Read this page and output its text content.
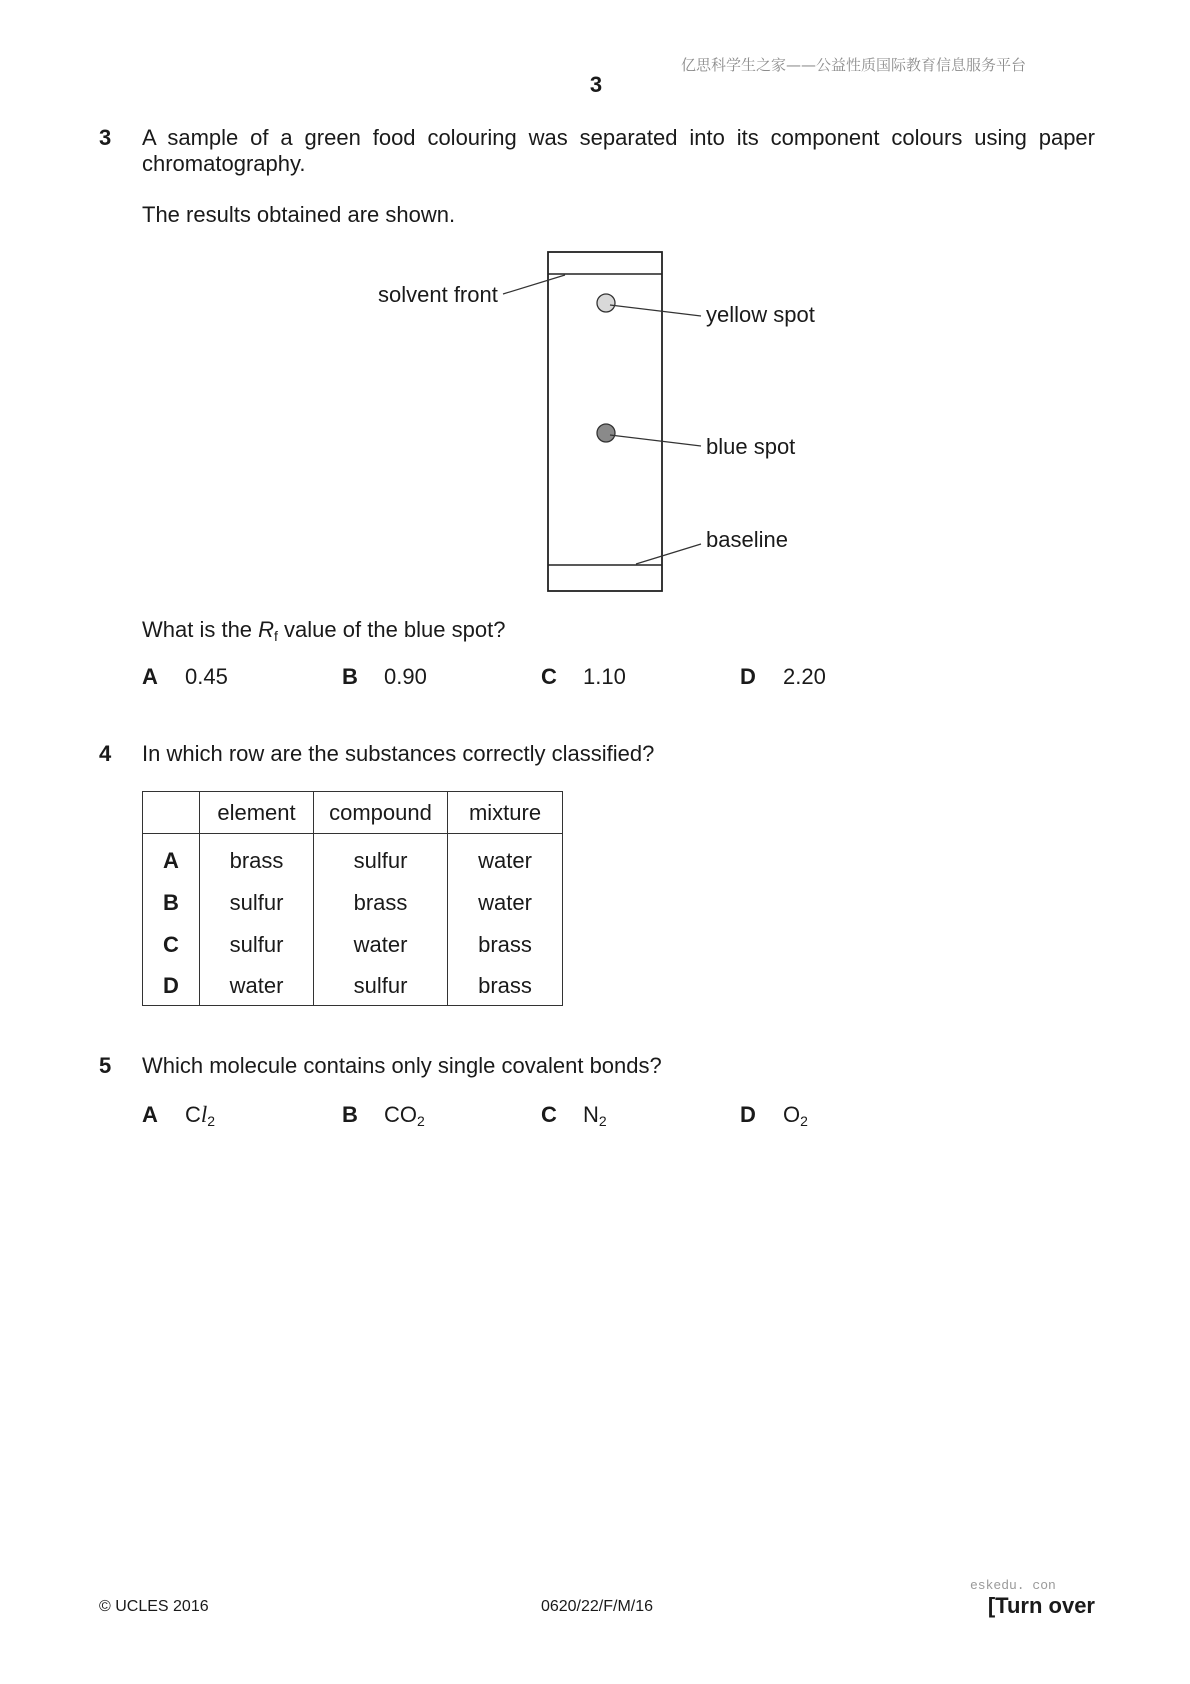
亿思科学生之家——公益性质国际教育信息服务平台
3
3 A sample of a green food colouring was separated into its component colours using paper chromatography.
The results obtained are shown.
solvent front
yellow spot
blue spot
baseline
What is the $R_f$ value of the blue spot?
A 0.45	B 0.90	C 1.10	D 2.20
4 In which row are the substances correctly classified?
	element	compound	mixture
A	brass	sulfur	water
B	sulfur	brass	water
C	sulfur	water	brass
D	water	sulfur	brass
5 Which molecule contains only single covalent bonds?
A $Cl_2$	B $CO_2$	C $N_2$	D $O_2$
eskedu. con
© UCLES 2016	0620/22/F/M/16	[Turn over
